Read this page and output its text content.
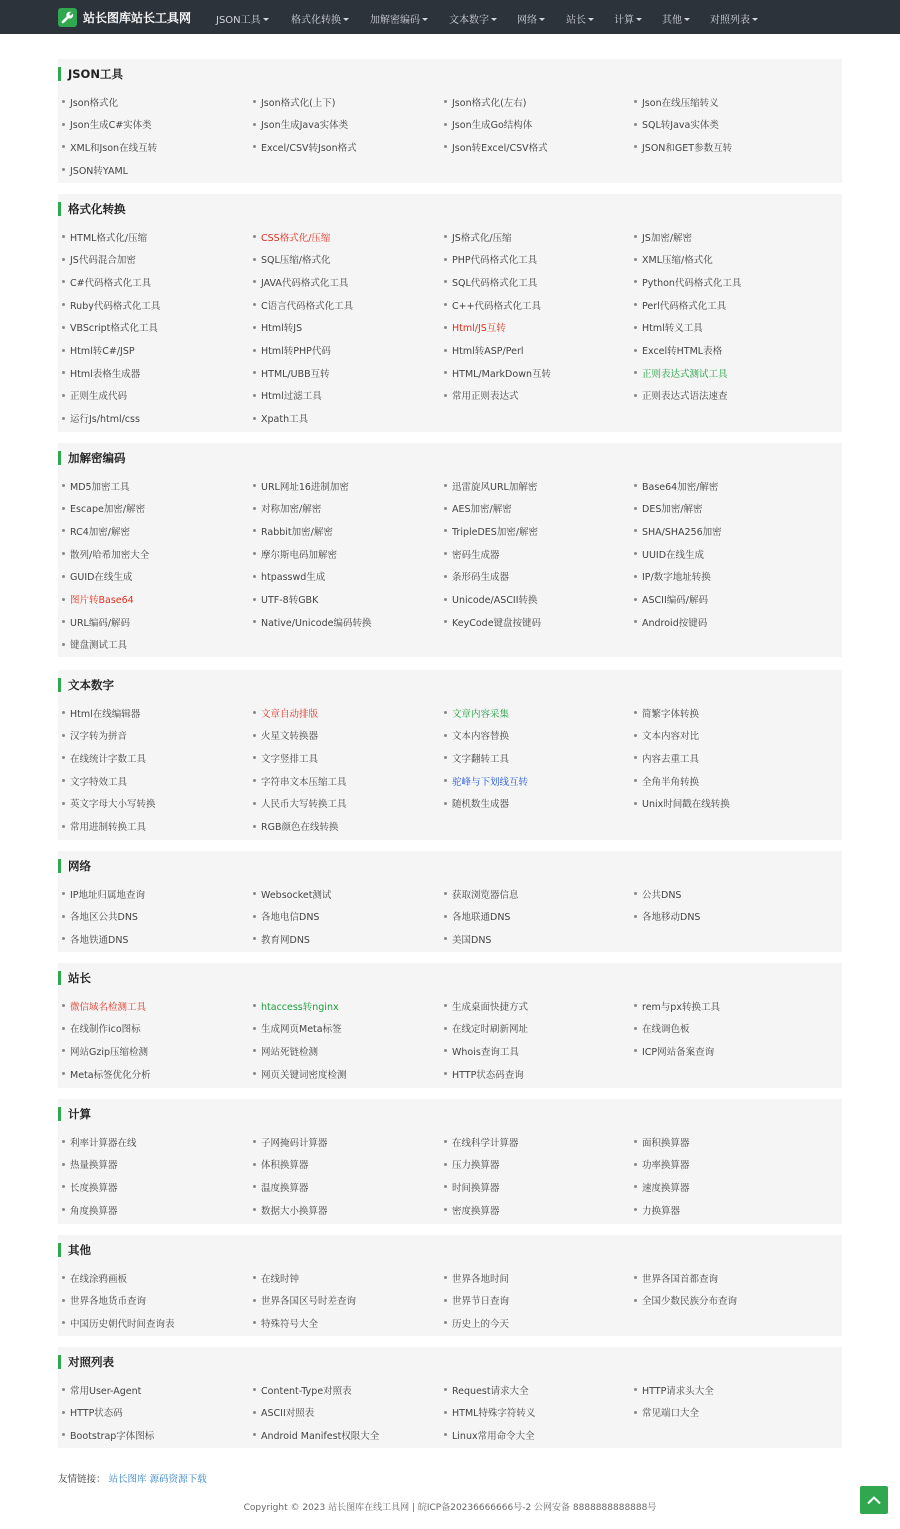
站长图库站长工具网 JSON工具	格式化转换	加解密编码	文本数字	网络	站长	计算	其他	对照列表
JSON工具
Json格式化	Json格式化(上下)	Json格式化(左右)	Json在线压缩转义
Json生成C#实体类	Json生成Java实体类	Json生成Go结构体	SQL转Java实体类
XML和Json在线互转	Excel/CSV转Json格式	Json转Excel/CSV格式	JSON和GET参数互转
JSON转YAML
格式化转换
HTML格式化/压缩	CSS格式化/压缩	JS格式化/压缩	JS加密/解密
JS代码混合加密	SQL压缩/格式化	PHP代码格式化工具	XML压缩/格式化
C#代码格式化工具	JAVA代码格式化工具	SQL代码格式化工具	Python代码格式化工具
Ruby代码格式化工具	C语言代码格式化工具	C++代码格式化工具	Perl代码格式化工具
VBScript格式化工具	Html转JS	Html/JS互转	Html转义工具
Html转C#/JSP	Html转PHP代码	Html转ASP/Perl	Excel转HTML表格
Html表格生成器	HTML/UBB互转	HTML/MarkDown互转	正则表达式测试工具
正则生成代码	Html过滤工具	常用正则表达式	正则表达式语法速查
运行Js/html/css	Xpath工具
加解密编码
MD5加密工具	URL网址16进制加密	迅雷旋风URL加解密	Base64加密/解密
Escape加密/解密	对称加密/解密	AES加密/解密	DES加密/解密
RC4加密/解密	Rabbit加密/解密	TripleDES加密/解密	SHA/SHA256加密
散列/哈希加密大全	摩尔斯电码加解密	密码生成器	UUID在线生成
GUID在线生成	htpasswd生成	条形码生成器	IP/数字地址转换
图片转Base64	UTF-8转GBK	Unicode/ASCII转换	ASCII编码/解码
URL编码/解码	Native/Unicode编码转换	KeyCode键盘按键码	Android按键码
键盘测试工具
文本数字
Html在线编辑器	文章自动排版	文章内容采集	简繁字体转换
汉字转为拼音	火星文转换器	文本内容替换	文本内容对比
在线统计字数工具	文字竖排工具	文字翻转工具	内容去重工具
文字特效工具	字符串文本压缩工具	驼峰与下划线互转	全角半角转换
英文字母大小写转换	人民币大写转换工具	随机数生成器	Unix时间戳在线转换
常用进制转换工具	RGB颜色在线转换
网络
IP地址归属地查询	Websocket测试	获取浏览器信息	公共DNS
各地区公共DNS	各地电信DNS	各地联通DNS	各地移动DNS
各地铁通DNS	教育网DNS	美国DNS
站长
微信域名检测工具	htaccess转nginx	生成桌面快捷方式	rem与px转换工具
在线制作ico图标	生成网页Meta标签	在线定时刷新网址	在线调色板
网站Gzip压缩检测	网站死链检测	Whois查询工具	ICP网站备案查询
Meta标签优化分析	网页关键词密度检测	HTTP状态码查询
计算
利率计算器在线	子网掩码计算器	在线科学计算器	面积换算器
热量换算器	体积换算器	压力换算器	功率换算器
长度换算器	温度换算器	时间换算器	速度换算器
角度换算器	数据大小换算器	密度换算器	力换算器
其他
在线涂鸦画板	在线时钟	世界各地时间	世界各国首都查询
世界各地货币查询	世界各国区号时差查询	世界节日查询	全国少数民族分布查询
中国历史朝代时间查询表	特殊符号大全	历史上的今天
对照列表
常用User-Agent	Content-Type对照表	Request请求大全	HTTP请求头大全
HTTP状态码	ASCII对照表	HTML特殊字符转义	常见端口大全
Bootstrap字体图标	Android Manifest权限大全	Linux常用命令大全
友情链接： 站长图库 源码资源下载
Copyright © 2023 站长图库在线工具网 | 皖ICP备20236666666号-2 公网安备 8888888888888号
